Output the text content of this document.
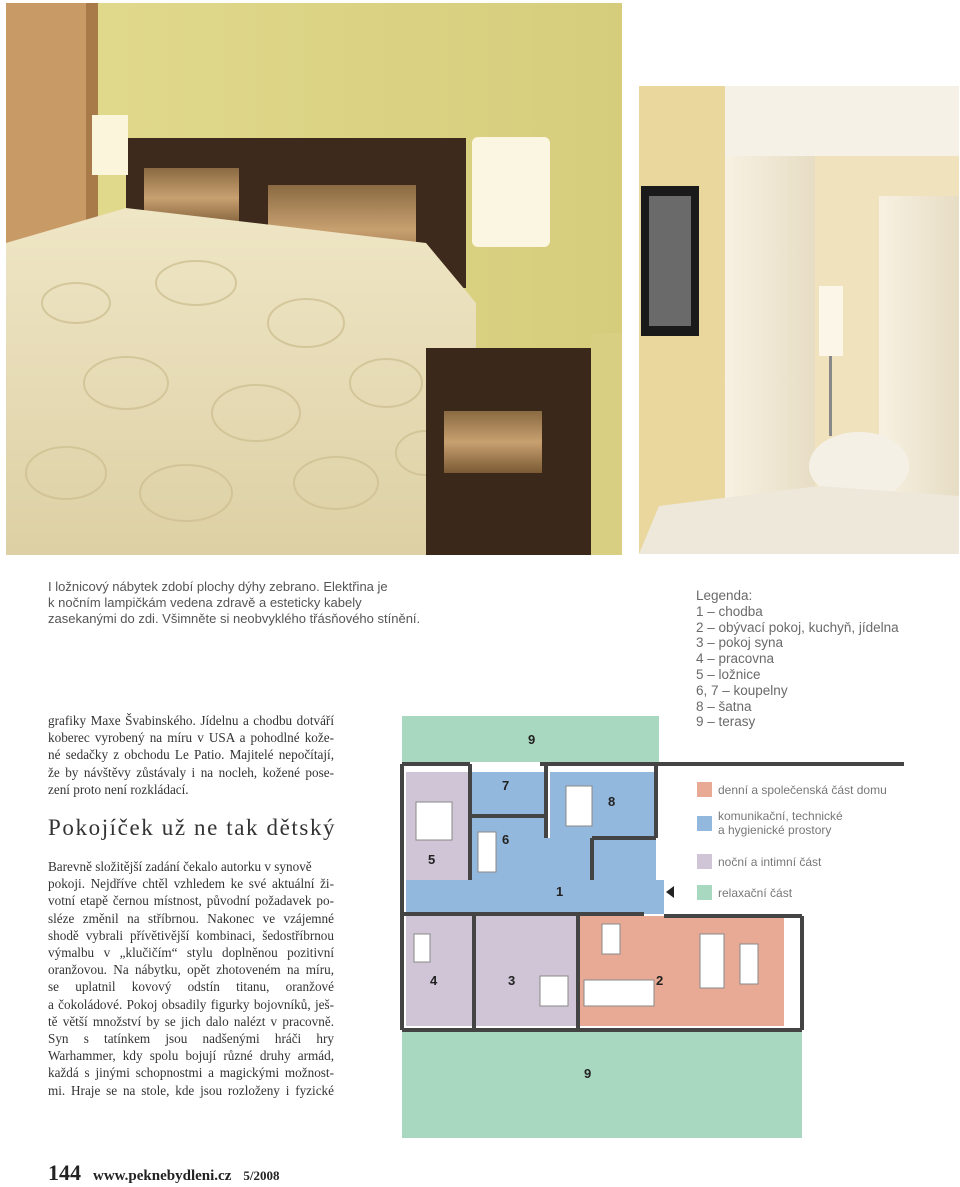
I ložnicový nábytek zdobí plochy dýhy zebrano. Elektřina je
k nočním lampičkám vedena zdravě a esteticky kabely
zasekanými do zdi. Všimněte si neobvyklého třásňového stínění.
Legenda:
1 – chodba
2 – obývací pokoj, kuchyň, jídelna
3 – pokoj syna
4 – pracovna
5 – ložnice
6, 7 – koupelny
8 – šatna
9 – terasy
denní a společenská část domu
komunikační, technické
a hygienické prostory
noční a intimní část
relaxační část
grafiky Maxe Švabinského. Jídelnu a chodbu dotváří
koberec vyrobený na míru v USA a pohodlné kože-
né sedačky z obchodu Le Patio. Majitelé nepočítají,
že by návštěvy zůstávaly i na nocleh, kožené pose-
zení proto není rozkládací.
Pokojíček už ne tak dětský
Barevně složitější zadání čekalo autorku v synově
pokoji. Nejdříve chtěl vzhledem ke své aktuální ži-
votní etapě černou místnost, původní požadavek po-
sléze změnil na stříbrnou. Nakonec ve vzájemné
shodě vybrali přívětivější kombinaci, šedostříbrnou
výmalbu v „klučičím“ stylu doplněnou pozitivní
oranžovou. Na nábytku, opět zhotoveném na míru,
se uplatnil kovový odstín titanu, oranžové
a čokoládové. Pokoj obsadily figurky bojovníků, ješ-
tě větší množství by se jich dalo nalézt v pracovně.
Syn s tatínkem jsou nadšenými hráči hry
Warhammer, kdy spolu bojují různé druhy armád,
každá s jinými schopnostmi a magickými možnost-
mi. Hraje se na stole, kde jsou rozloženy i fyzické
9
7
8
6
5
1
4	3	2
9
144 www.peknebydleni.cz 5/2008
